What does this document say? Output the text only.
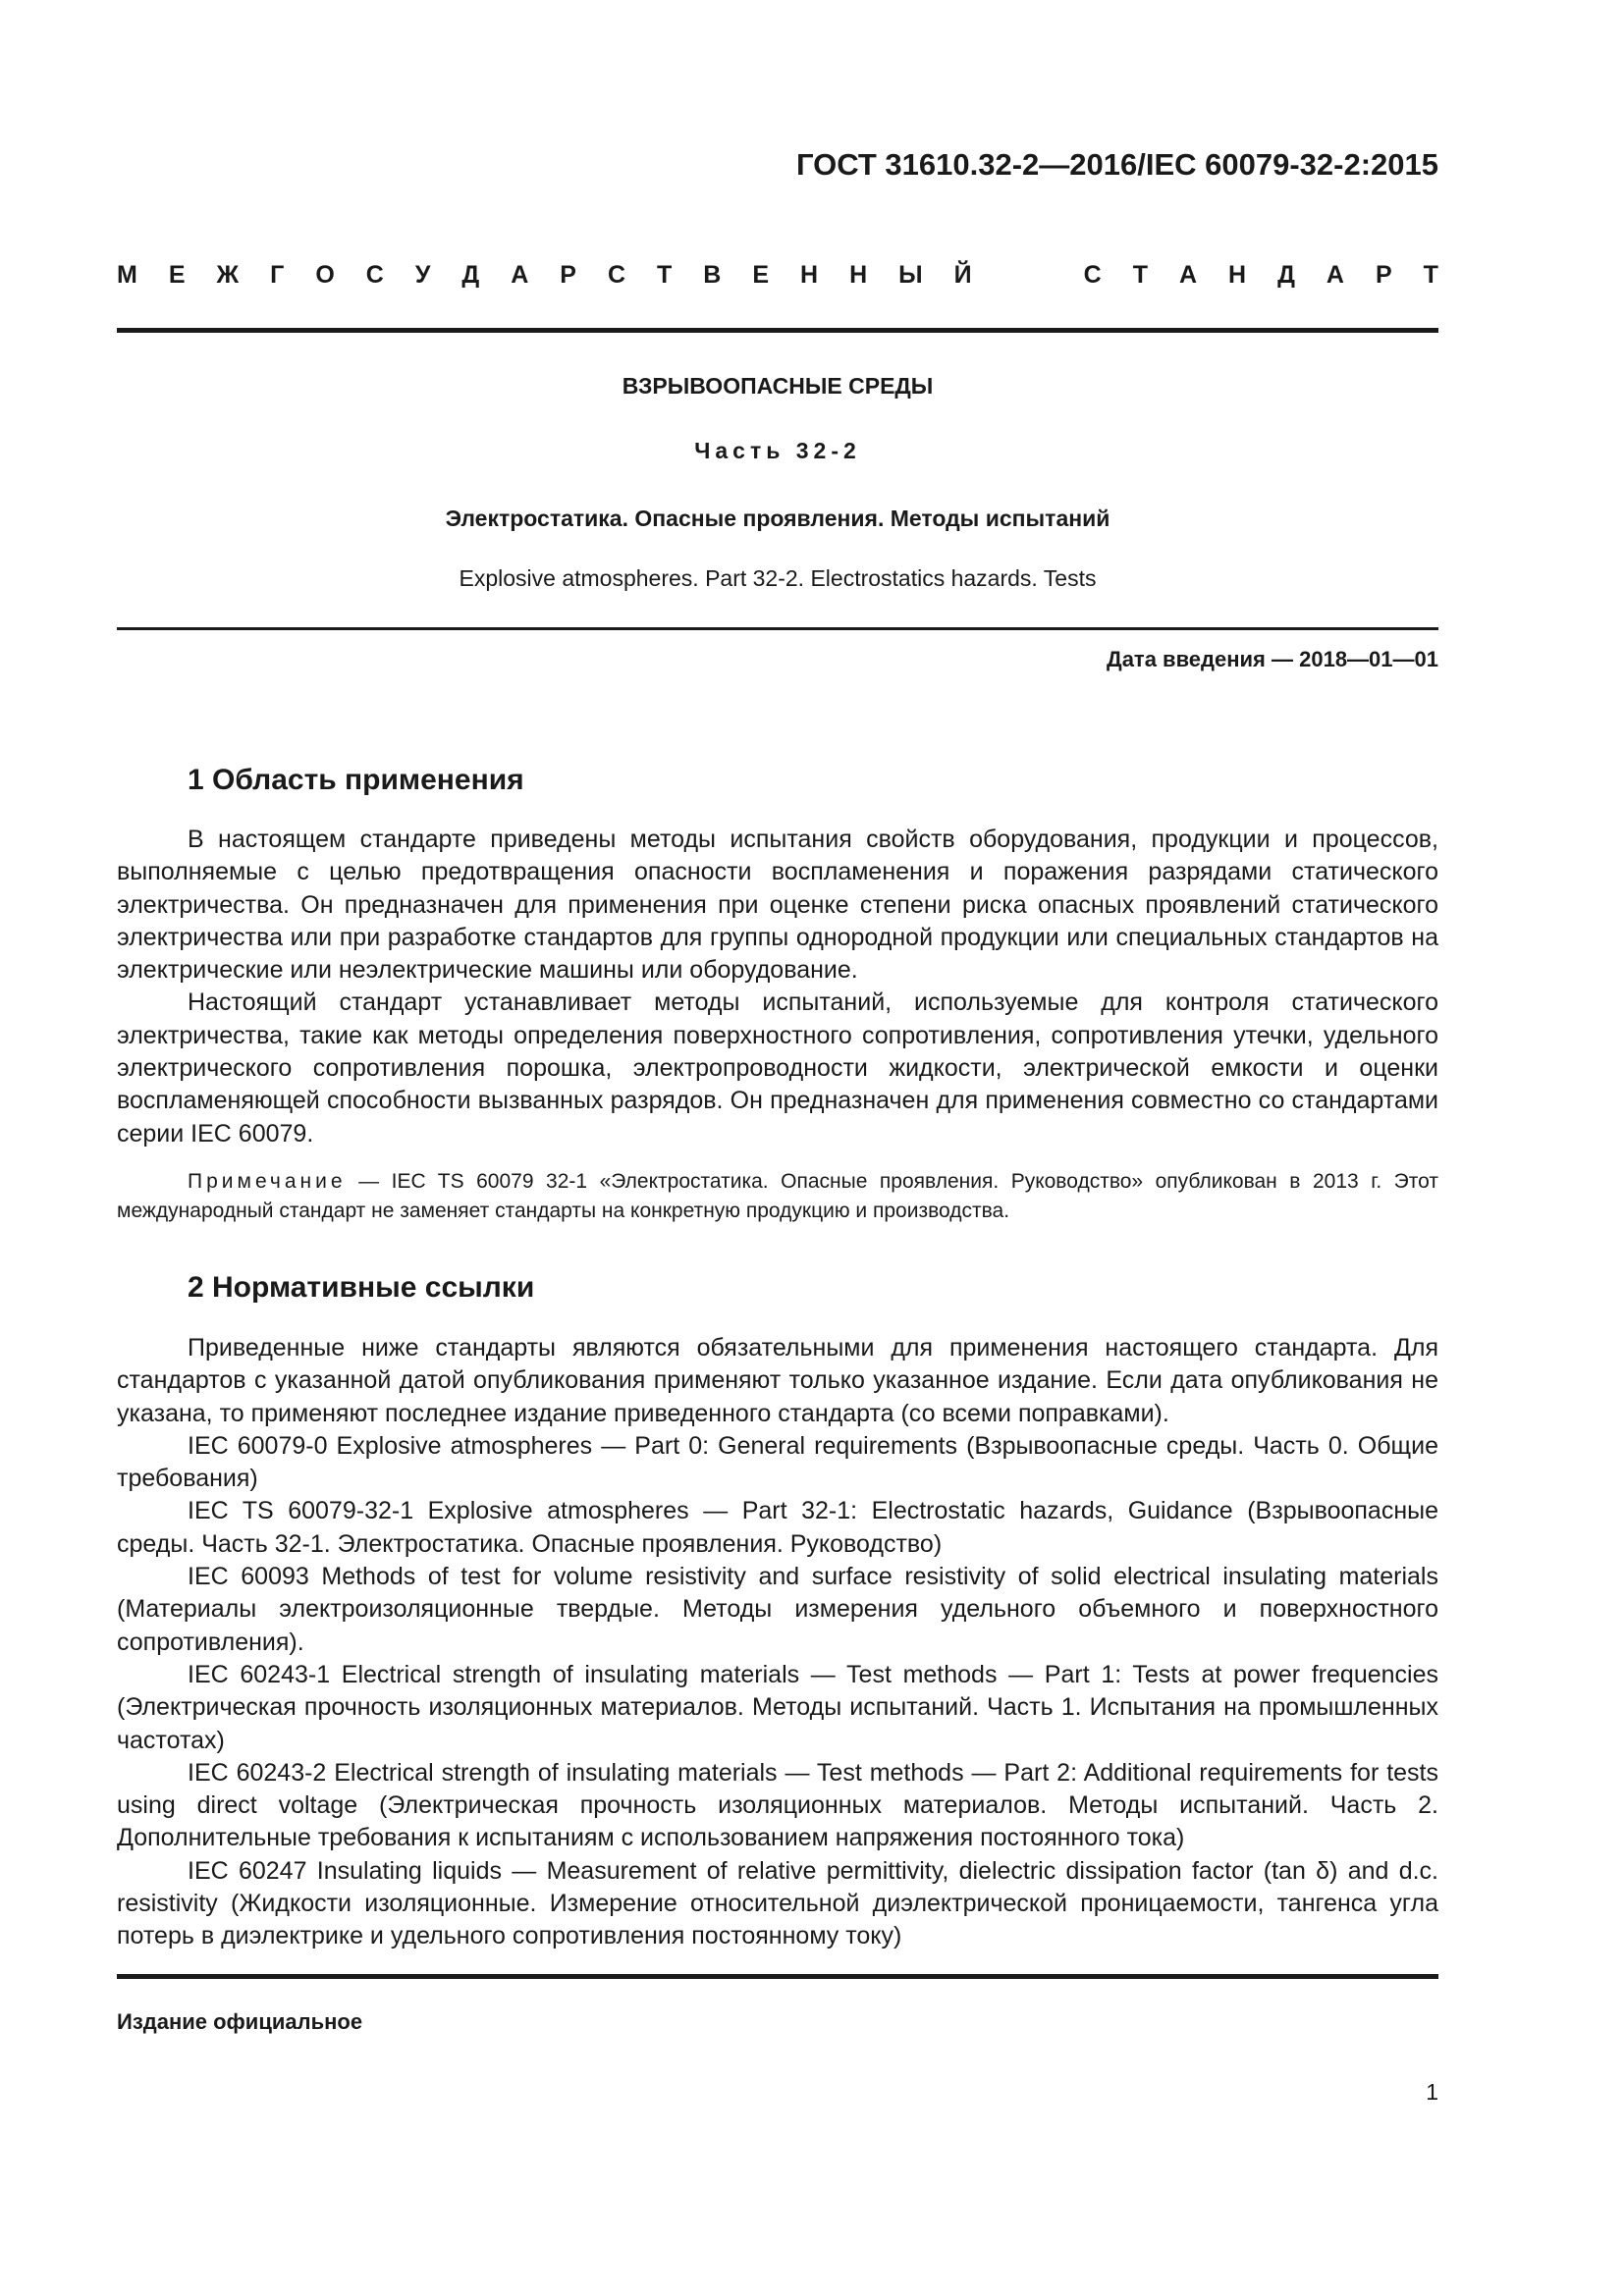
ГОСТ 31610.32-2—2016/IEC 60079-32-2:2015
М Е Ж Г О С У Д А Р С Т В Е Н Н Ы Й	С Т А Н Д А Р Т
ВЗРЫВООПАСНЫЕ СРЕДЫ
Часть 32-2
Электростатика. Опасные проявления. Методы испытаний
Explosive atmospheres. Part 32-2. Electrostatics hazards. Tests
Дата введения — 2018—01—01
1 Область применения

В настоящем стандарте приведены методы испытания свойств оборудования, продукции и процессов, выполняемые с целью предотвращения опасности воспламенения и поражения разрядами статического электричества. Он предназначен для применения при оценке степени риска опасных проявлений статического электричества или при разработке стандартов для группы однородной продукции или специальных стандартов на электрические или неэлектрические машины или оборудование.

Настоящий стандарт устанавливает методы испытаний, используемые для контроля статического электричества, такие как методы определения поверхностного сопротивления, сопротивления утечки, удельного электрического сопротивления порошка, электропроводности жидкости, электрической емкости и оценки воспламеняющей способности вызванных разрядов. Он предназначен для применения совместно со стандартами серии IEC 60079.

Примечание — IEC TS 60079 32-1 «Электростатика. Опасные проявления. Руководство» опубликован в 2013 г. Этот международный стандарт не заменяет стандарты на конкретную продукцию и производства.
2 Нормативные ссылки

Приведенные ниже стандарты являются обязательными для применения настоящего стандарта. Для стандартов с указанной датой опубликования применяют только указанное издание. Если дата опубликования не указана, то применяют последнее издание приведенного стандарта (со всеми поправками).

IEC 60079-0 Explosive atmospheres — Part 0: General requirements (Взрывоопасные среды. Часть 0. Общие требования)

IEC TS 60079-32-1 Explosive atmospheres — Part 32-1: Electrostatic hazards, Guidance (Взрывоопасные среды. Часть 32-1. Электростатика. Опасные проявления. Руководство)

IEC 60093 Methods of test for volume resistivity and surface resistivity of solid electrical insulating materials (Материалы электроизоляционные твердые. Методы измерения удельного объемного и поверхностного сопротивления).

IEC 60243-1 Electrical strength of insulating materials — Test methods — Part 1: Tests at power frequencies (Электрическая прочность изоляционных материалов. Методы испытаний. Часть 1. Испытания на промышленных частотах)

IEC 60243-2 Electrical strength of insulating materials — Test methods — Part 2: Additional requirements for tests using direct voltage (Электрическая прочность изоляционных материалов. Методы испытаний. Часть 2. Дополнительные требования к испытаниям с использованием напряжения постоянного тока)

IEC 60247 Insulating liquids — Measurement of relative permittivity, dielectric dissipation factor (tan δ) and d.c. resistivity (Жидкости изоляционные. Измерение относительной диэлектрической проницаемости, тангенса угла потерь в диэлектрике и удельного сопротивления постоянному току)

Издание официальное
1
